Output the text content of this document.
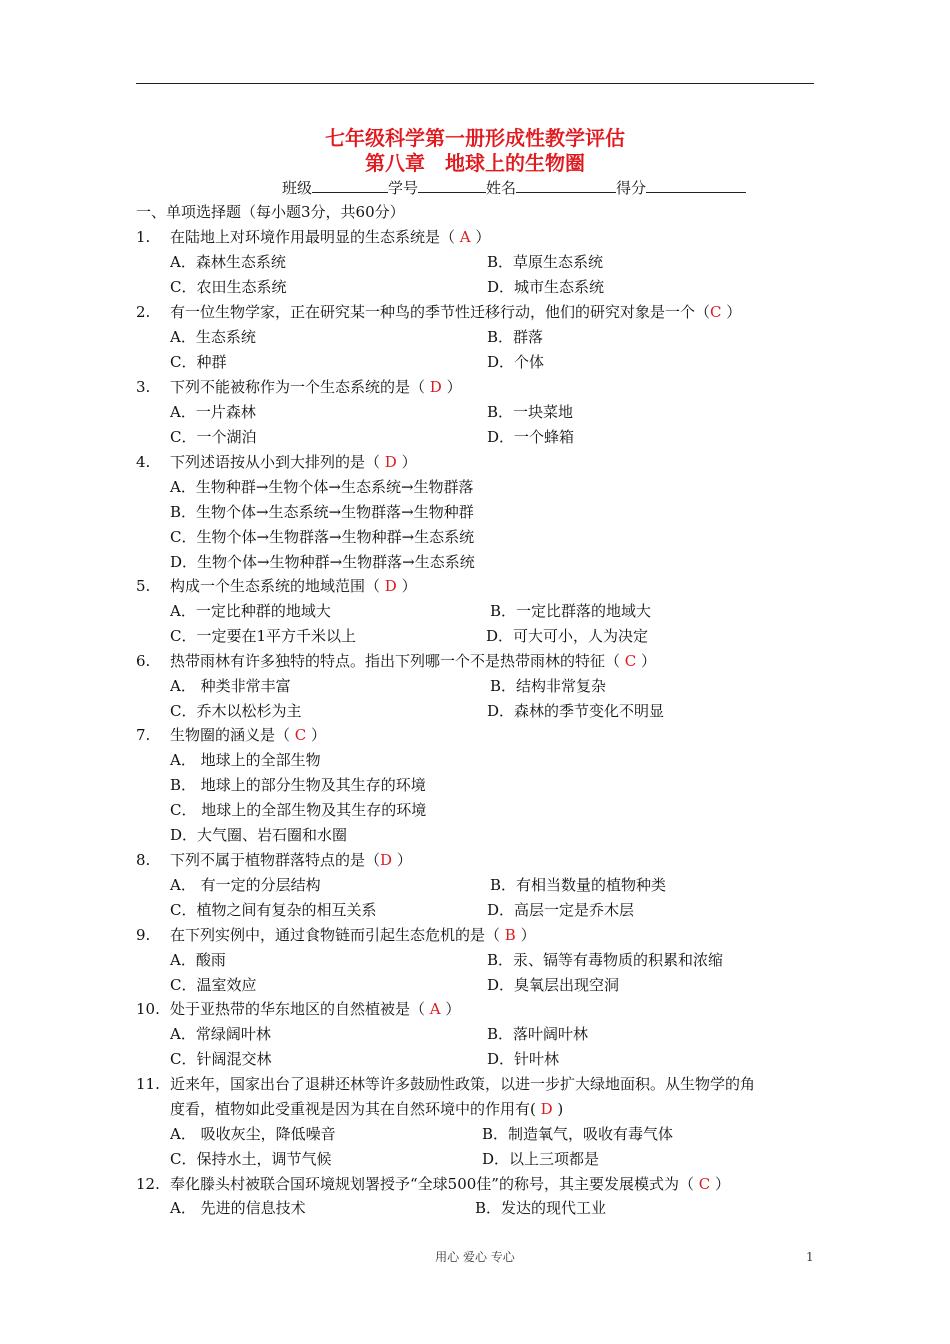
七年级科学第一册形成性教学评估
第八章　地球上的生物圈
班级	学号	姓名	得分
一、单项选择题（每小题3分，共60分）
1. 在陆地上对环境作用最明显的生态系统是（ A ）
A．森林生态系统	B．草原生态系统
C．农田生态系统	D．城市生态系统
2. 有一位生物学家，正在研究某一种鸟的季节性迁移行动，他们的研究对象是一个（C ）
A．生态系统	B．群落
C．种群	D．个体
3. 下列不能被称作为一个生态系统的是（ D ）
A．一片森林	B．一块菜地
C．一个湖泊	D．一个蜂箱
4. 下列述语按从小到大排列的是（ D ）
A．生物种群→生物个体→生态系统→生物群落
B．生物个体→生态系统→生物群落→生物种群
C．生物个体→生物群落→生物种群→生态系统
D．生物个体→生物种群→生物群落→生态系统
5. 构成一个生态系统的地域范围（ D ）
A．一定比种群的地域大	B．一定比群落的地域大
C．一定要在1平方千米以上	D．可大可小，人为决定
6. 热带雨林有许多独特的特点。指出下列哪一个不是热带雨林的特征（ C ）
A． 种类非常丰富	B．结构非常复杂
C．乔木以松杉为主	D．森林的季节变化不明显
7. 生物圈的涵义是（ C ）
A． 地球上的全部生物
B． 地球上的部分生物及其生存的环境
C． 地球上的全部生物及其生存的环境
D．大气圈、岩石圈和水圈
8. 下列不属于植物群落特点的是（D ）
A． 有一定的分层结构	B．有相当数量的植物种类
C．植物之间有复杂的相互关系	D．高层一定是乔木层
9. 在下列实例中，通过食物链而引起生态危机的是（ B ）
A．酸雨	B．汞、镉等有毒物质的积累和浓缩
C．温室效应	D．臭氧层出现空洞
10. 处于亚热带的华东地区的自然植被是（ A ）
A．常绿阔叶林	B．落叶阔叶林
C．针阔混交林	D．针叶林
11. 近来年，国家出台了退耕还林等许多鼓励性政策，以进一步扩大绿地面积。从生物学的角
度看，植物如此受重视是因为其在自然环境中的作用有( D )
A． 吸收灰尘，降低噪音	B．制造氧气，吸收有毒气体
C．保持水土，调节气候	D．以上三项都是
12. 奉化滕头村被联合国环境规划署授予“全球500佳”的称号，其主要发展模式为（ C ）
A． 先进的信息技术	B．发达的现代工业
用心 爱心 专心	1
